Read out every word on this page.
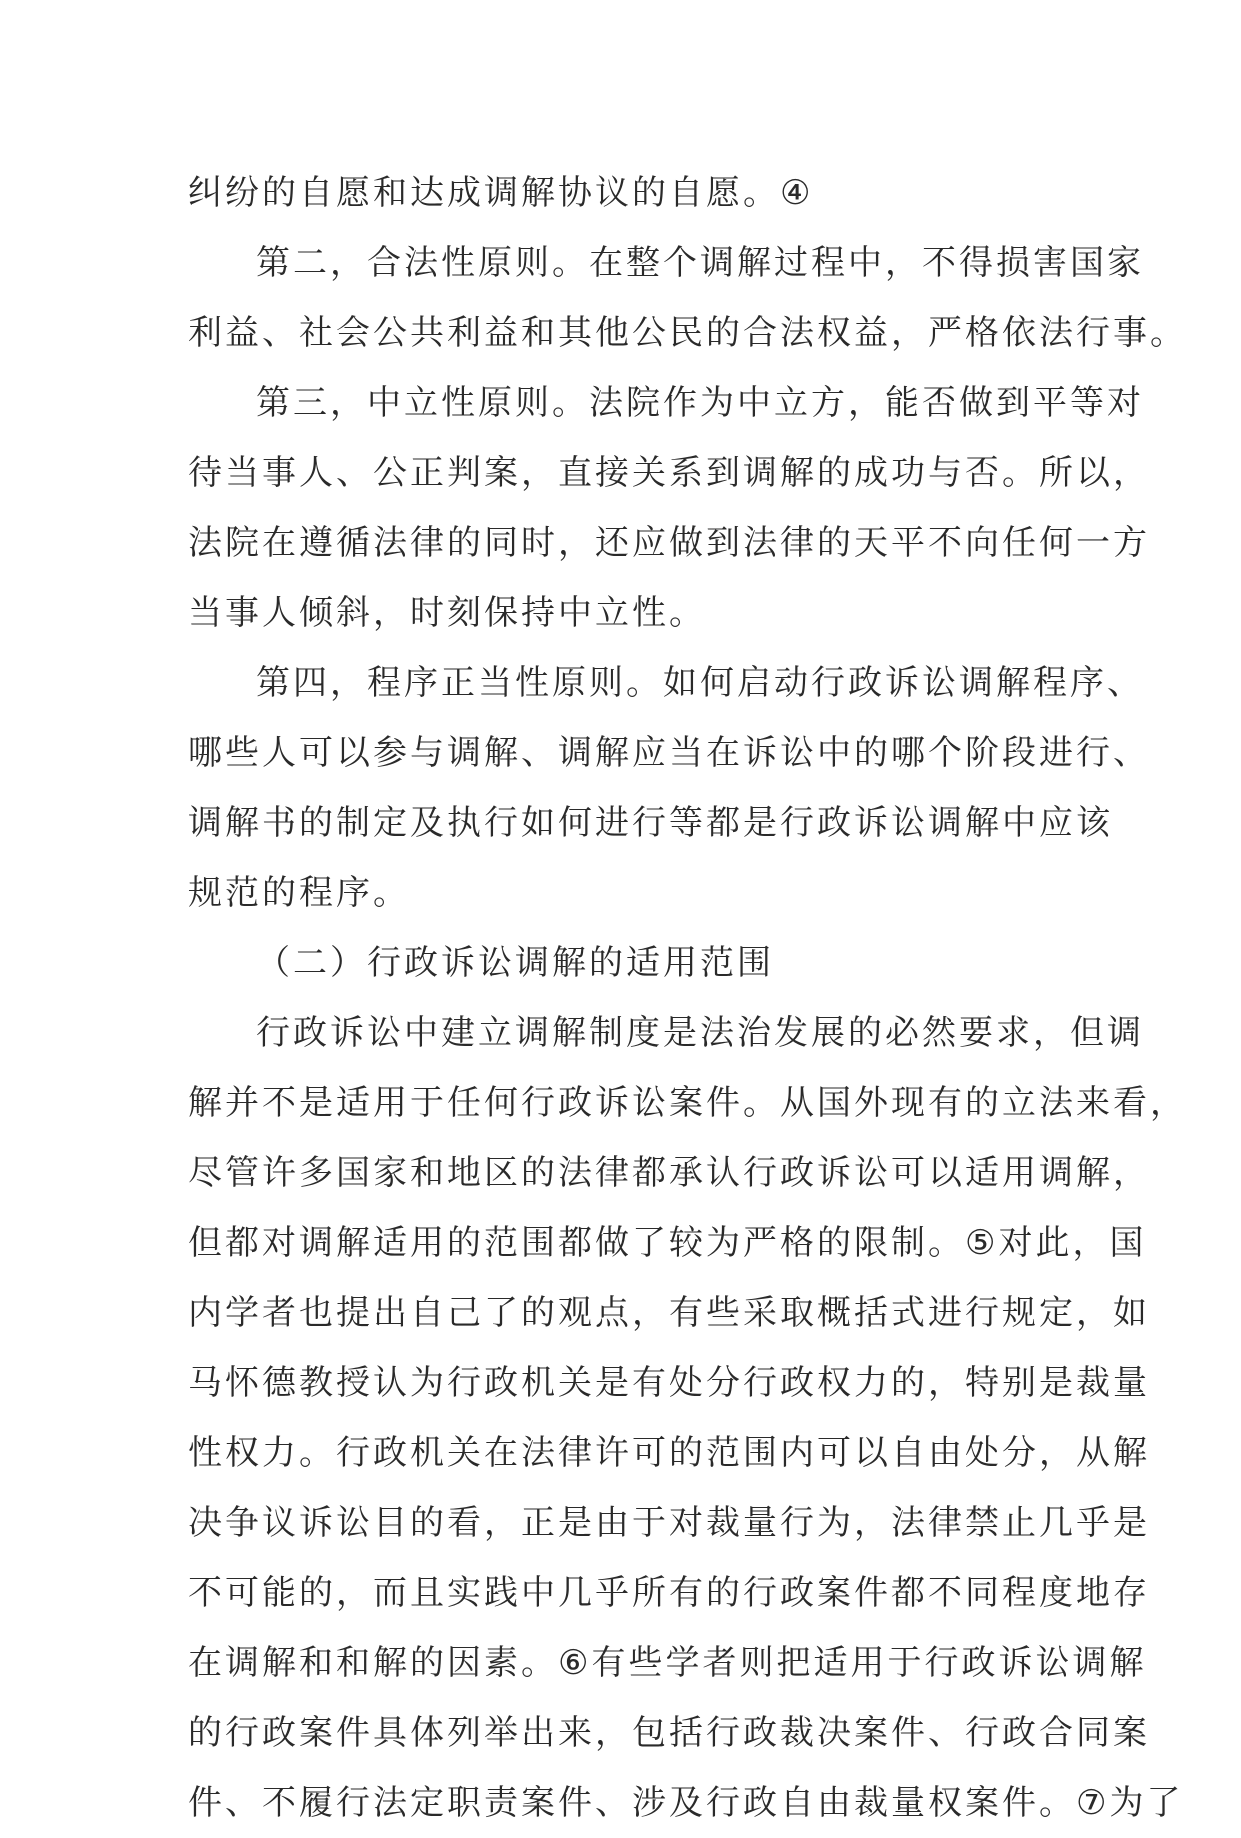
纠纷的自愿和达成调解协议的自愿。④
第二，合法性原则。在整个调解过程中，不得损害国家
利益、社会公共利益和其他公民的合法权益，严格依法行事。
第三，中立性原则。法院作为中立方，能否做到平等对
待当事人、公正判案，直接关系到调解的成功与否。所以，
法院在遵循法律的同时，还应做到法律的天平不向任何一方
当事人倾斜，时刻保持中立性。
第四，程序正当性原则。如何启动行政诉讼调解程序、
哪些人可以参与调解、调解应当在诉讼中的哪个阶段进行、
调解书的制定及执行如何进行等都是行政诉讼调解中应该
规范的程序。
（二）行政诉讼调解的适用范围
行政诉讼中建立调解制度是法治发展的必然要求，但调
解并不是适用于任何行政诉讼案件。从国外现有的立法来看，
尽管许多国家和地区的法律都承认行政诉讼可以适用调解，
但都对调解适用的范围都做了较为严格的限制。⑤对此，国
内学者也提出自己了的观点，有些采取概括式进行规定，如
马怀德教授认为行政机关是有处分行政权力的，特别是裁量
性权力。行政机关在法律许可的范围内可以自由处分，从解
决争议诉讼目的看，正是由于对裁量行为，法律禁止几乎是
不可能的，而且实践中几乎所有的行政案件都不同程度地存
在调解和和解的因素。⑥有些学者则把适用于行政诉讼调解
的行政案件具体列举出来，包括行政裁决案件、行政合同案
件、不履行法定职责案件、涉及行政自由裁量权案件。⑦为了
